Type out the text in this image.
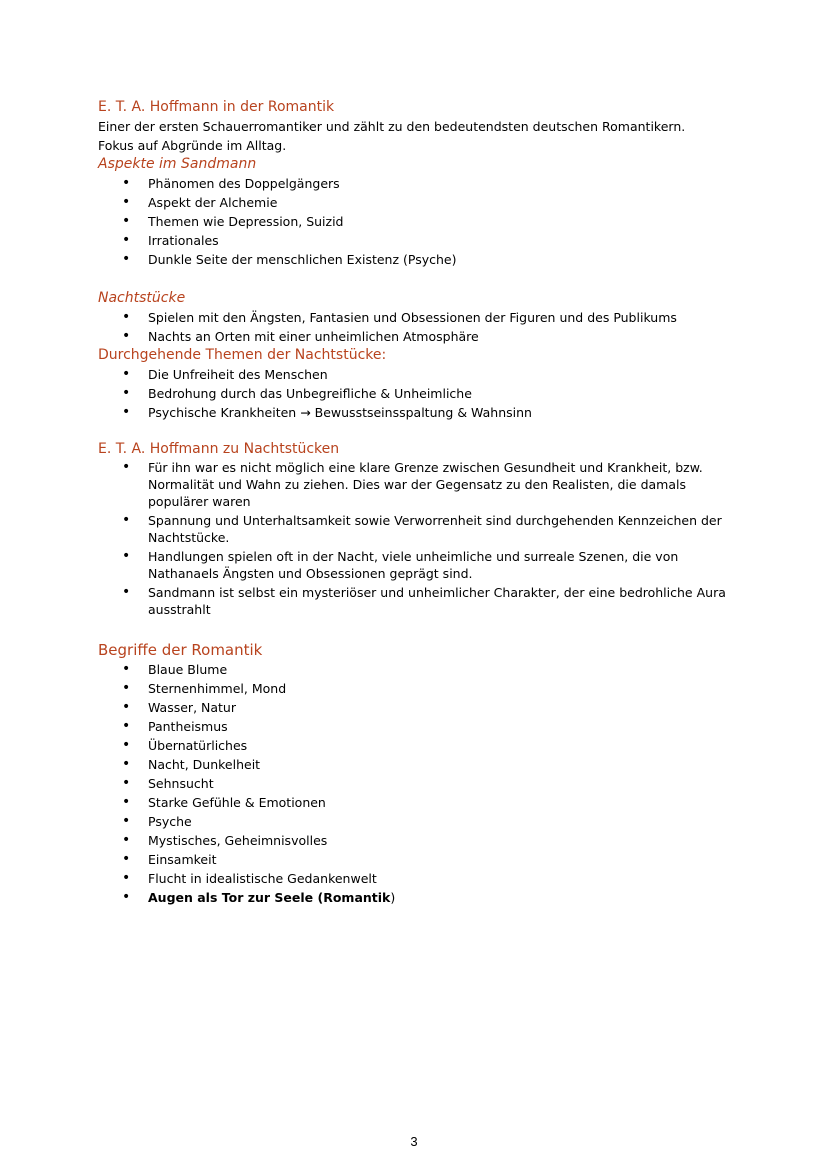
E. T. A. Hoffmann in der Romantik

Einer der ersten Schauerromantiker und zählt zu den bedeutendsten deutschen Romantikern.

Fokus auf Abgründe im Alltag.

Aspekte im Sandmann
• Phänomen des Doppelgängers
• Aspekt der Alchemie
• Themen wie Depression, Suizid
• Irrationales
• Dunkle Seite der menschlichen Existenz (Psyche)
Nachtstücke
• Spielen mit den Ängsten, Fantasien und Obsessionen der Figuren und des Publikums
• Nachts an Orten mit einer unheimlichen Atmosphäre
Durchgehende Themen der Nachtstücke:
• Die Unfreiheit des Menschen
• Bedrohung durch das Unbegreifliche & Unheimliche
• Psychische Krankheiten → Bewusstseinsspaltung & Wahnsinn
E. T. A. Hoffmann zu Nachtstücken
• Für ihn war es nicht möglich eine klare Grenze zwischen Gesundheit und Krankheit, bzw. Normalität und Wahn zu ziehen. Dies war der Gegensatz zu den Realisten, die damals populärer waren
• Spannung und Unterhaltsamkeit sowie Verworrenheit sind durchgehenden Kennzeichen der Nachtstücke.
• Handlungen spielen oft in der Nacht, viele unheimliche und surreale Szenen, die von Nathanaels Ängsten und Obsessionen geprägt sind.
• Sandmann ist selbst ein mysteriöser und unheimlicher Charakter, der eine bedrohliche Aura ausstrahlt
Begriffe der Romantik
• Blaue Blume
• Sternenhimmel, Mond
• Wasser, Natur
• Pantheismus
• Übernatürliches
• Nacht, Dunkelheit
• Sehnsucht
• Starke Gefühle & Emotionen
• Psyche
• Mystisches, Geheimnisvolles
• Einsamkeit
• Flucht in idealistische Gedankenwelt
• Augen als Tor zur Seele (Romantik)
3
